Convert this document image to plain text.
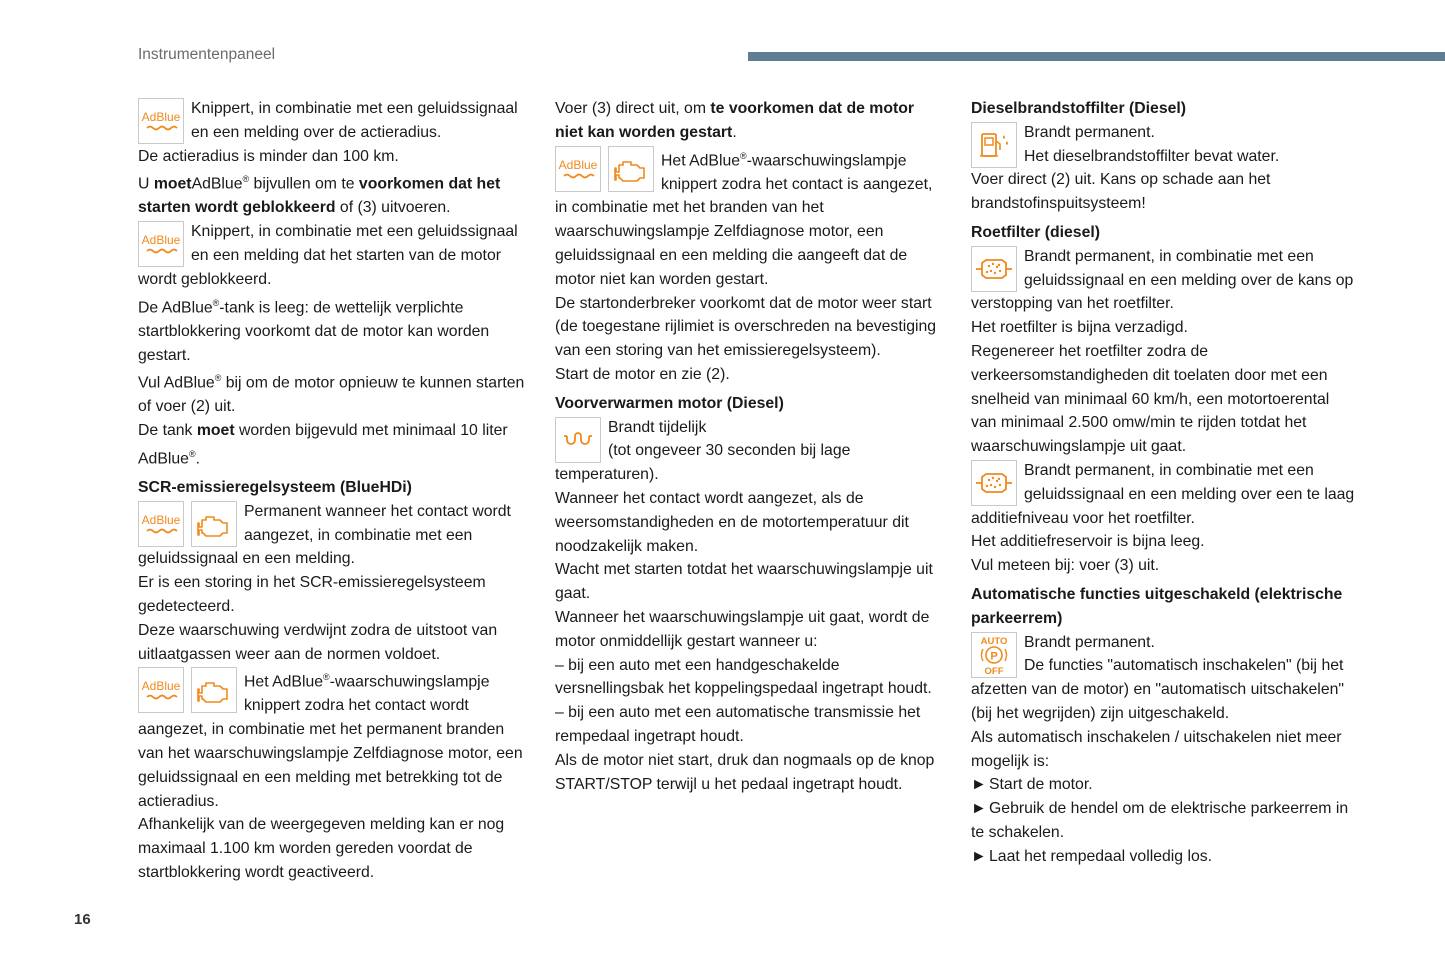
Instrumentenpaneel
AdBlue Knippert, in combinatie met een geluidssignaal en een melding over de actieradius.

De actieradius is minder dan 100 km.

U moetAdBlue® bijvullen om te voorkomen dat het starten wordt geblokkeerd of (3) uitvoeren.

AdBlue Knippert, in combinatie met een geluidssignaal en een melding dat het starten van de motor wordt geblokkeerd.

De AdBlue®-tank is leeg: de wettelijk verplichte startblokkering voorkomt dat de motor kan worden gestart.

Vul AdBlue® bij om de motor opnieuw te kunnen starten of voer (2) uit.

De tank moet worden bijgevuld met minimaal 10 liter AdBlue®.

SCR-emissieregelsysteem (BlueHDi)
AdBlue	Permanent wanneer het contact wordt aangezet, in combinatie met een geluidssignaal en een melding.

Er is een storing in het SCR-emissieregelsysteem gedetecteerd.

Deze waarschuwing verdwijnt zodra de uitstoot van uitlaatgassen weer aan de normen voldoet.

AdBlue	Het AdBlue®-waarschuwingslampje knippert zodra het contact wordt aangezet, in combinatie met het permanent branden van het waarschuwingslampje Zelfdiagnose motor, een geluidssignaal en een melding met betrekking tot de actieradius.

Afhankelijk van de weergegeven melding kan er nog maximaal 1.100 km worden gereden voordat de startblokkering wordt geactiveerd.

Voer (3) direct uit, om te voorkomen dat de motor niet kan worden gestart.

AdBlue	Het AdBlue®-waarschuwingslampje knippert zodra het contact is aangezet, in combinatie met het branden van het waarschuwingslampje Zelfdiagnose motor, een geluidssignaal en een melding die aangeeft dat de motor niet kan worden gestart.

De startonderbreker voorkomt dat de motor weer start (de toegestane rijlimiet is overschreden na bevestiging van een storing van het emissieregelsysteem).

Start de motor en zie (2).

Voorverwarmen motor (Diesel)

Brandt tijdelijk

(tot ongeveer 30 seconden bij lage temperaturen).

Wanneer het contact wordt aangezet, als de weersomstandigheden en de motortemperatuur dit noodzakelijk maken.

Wacht met starten totdat het waarschuwingslampje uit gaat.

Wanneer het waarschuwingslampje uit gaat, wordt de motor onmiddellijk gestart wanneer u:

– bij een auto met een handgeschakelde versnellingsbak het koppelingspedaal ingetrapt houdt.

– bij een auto met een automatische transmissie het rempedaal ingetrapt houdt.

Als de motor niet start, druk dan nogmaals op de knop START/STOP terwijl u het pedaal ingetrapt houdt.

Dieselbrandstoffilter (Diesel)

Brandt permanent.

Het dieselbrandstoffilter bevat water.

Voer direct (2) uit. Kans op schade aan het brandstofinspuitsysteem!

Roetfilter (diesel)

Brandt permanent, in combinatie met een geluidssignaal en een melding over de kans op verstopping van het roetfilter.

Het roetfilter is bijna verzadigd.

Regenereer het roetfilter zodra de verkeersomstandigheden dit toelaten door met een snelheid van minimaal 60 km/h, een motortoerental van minimaal 2.500 omw/min te rijden totdat het waarschuwingslampje uit gaat.

Brandt permanent, in combinatie met een geluidssignaal en een melding over een te laag additiefniveau voor het roetfilter.

Het additiefreservoir is bijna leeg.

Vul meteen bij: voer (3) uit.

Automatische functies uitgeschakeld (elektrische parkeerrem)
AUTO
P
OFF

Brandt permanent.

De functies "automatisch inschakelen" (bij het afzetten van de motor) en "automatisch uitschakelen" (bij het wegrijden) zijn uitgeschakeld.

Als automatisch inschakelen / uitschakelen niet meer mogelijk is:

► Start de motor.

► Gebruik de hendel om de elektrische parkeerrem in te schakelen.

► Laat het rempedaal volledig los.

16
